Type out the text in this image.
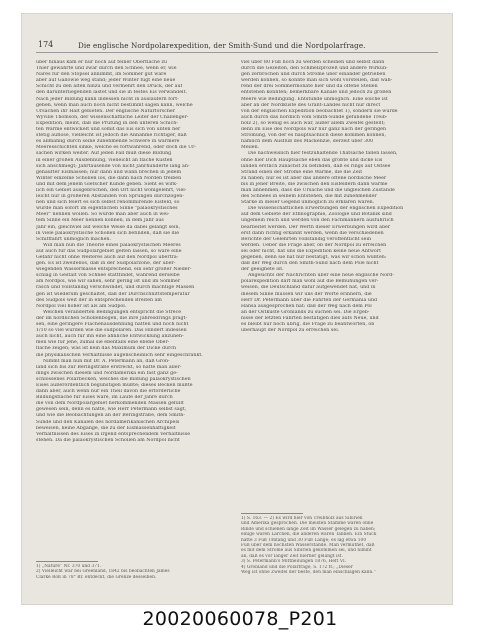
174	Die englische Nordpolarexpedition, der Smith-Sund und die Nordpolarfrage.
über hinaus kam er nur noch auf feiner Oberfläche zu
Thier gewahrte und zwar durch den Schnee, wenn er, wie
Nares für den Stöpsel annimmt, im Sommer gut wäre
aber auf Gallowie weg stand; jeder Winter fügt eine neue
Schicht zu den alten hinzu und vermehrt den Druck, der auf
den darunterliegenden lastet und sie in festes Eis verwandelt.
Nach jeder Bildung kann indessen nicht in ausläufern fort-
gehen, wenn man auch noch nicht bestimmt sagen kann, welche
Ursachen ihr Halt gebieten. Der englische Naturforscher
Wyville Thomson, der wissenschaftliche Leiter der Challenger-
Expedition, meint, daß die Prüfung in den unteren Schich-
ten Wärme entwickelt und somit das Eis sich von unten her
stetig auflöse, vielleicht ist jedoch die Annahme richtiger, daß
es allmählig durch seine zunehmende Schwere in wärmere
Meeresschichten sinke, welche es fortwährend, oder doch die Ur-
sachen wirken weiter. Auf jeden Fall muß diese Bildung
in einer großen Ausdehnung, vielleicht an flache Küsten
sich anschmiegt; Jahrtausende von nicht Jahrhunderte lang an-
gehäufter Eismassen; nur dann und wann brechen in jedem
Winter einzelne Schollen los, die dann nach Norden treiben
und mit dem jenem Gletscher Kunde geben. Sieht es wirk-
lich ein Gebiet ausgebrochen, den Ort nicht wohlgelehrt, viel-
leicht nur in größeren Abständen von Sprüngen durchzogen-
nen und sich feiert es sich selbst renommirende Eisfeld, so
würde man sofort im eigentlichen Sinne "paläokrystisches
Meer" nennen wollen. So würde man aber auch in wei-
tem Sinne ein Meer nennen können, in dem Jahr aus
Jahr ein, gleichviel auf welche Weise da dabei gelangt sein,
in viele paläokrystische Schollen sich befinden, daß sie die
Schifffahrt unmöglich machen.
Will man nun die Theorie eines paläokrystischen Meeres
auf auch für das Südpolargebiet gelten lassen, so wäre eine
Gefahr nicht ohne Weiteres auch auf den Nordpol übertra-
gen. Es ist zweifellos, daß in der Südpolarzone, der über-
wiegenden Wassermasse entsprechend, ein sehr großer Nieder-
schlag in Gestalt von Schnee stattfindet, während derselbe
am Nordpol, wie wir sahen, sehr gering ist und im Sommer
rasch und vollständig verschwindet, und durch mächtige Massen
gen ist wiederum geschaltet, daß der Durchschnittstemperatur
des Südpols weit der in entsprechenden Breiten am
Nordpol viel höher ist als am Südpol.
Welchen veränderten Bedingungen entspricht die Strece
der im nördlichen Schollenbogen, die ihre Jahresdrings prägt-
sen, eine geringere Flächenausdehnung hatten und noch nicht
1/10 so viel wurden wie die südpolaren. Das Hindert indessen
auch nicht, auch für ihn eine ähnliche Entwicklung anzuneh-
men wie für jene, zumal sie ebenfalls eine ebene Ober-
fläche zeigen; was ist kein das Maximum der Dicke durch
die physikalischen Verhältnisse augenscheinlich sehr eingeschränkt.
Nimmt man nun mit Dr. A. Petermann an, daß Grön-
land sich bis zur Beringstraße erstreckt, so hätte man aller-
dings zwischen diesem und Nordamerika ein fast ganz ge-
schlossenes Polarbecken, welches die Bildung paläokrystischen
Eises außerordentlich begünstigen müßte; dieses Becken müßte
dann aber, auch wenn nur ein Theil davon die erforderliche
Bildungsfläche für Eises wäre, im Laufe der Jahre durch
die von dem Nordpolargebiet herkommenden Massen gefüllt
gewesen sein, denn es hätte, wie Herr Petermann selbst sagt,
und wie die Beobachtungen an der Beringstraße, dem Smith-
Sunde und den Kanälen des nordamerikanischen Archipels
beweisen, keine Abgänge, die zu der Eismassenhaftigkeit
Verhältnissen des Eises in irgend entsprechendem Verhältnisse
stehen. Da die paläokrystischen Schollen am Nordpol nicht
1) „Nature“ Nr. 370 und 371.
2) Vielleicht war bei Greenland, 1842 bis beobachten James
Clarke Roß in 78° Br. entdeckt, die Grenze desselben.
viel über 80 Fuß hoch zu werden scheinen und selbst dann
durch die Gezeiten, den Schmelzprozeß und andere Wirkun-
gen zerbrochen und durch Ströme über einander getrieben
werden können, so könnte man sich wohl vorstellen, daß wäh-
rend der drei Sommermonate hier und da offene Stellen
entstehen könnten; bemerkbare Kanäle und jedoch zu größen
Meere wie Bedingung. Entstünde unmöglich. Eine solche ist
aber an der Nordküste des Grant-Landes nicht nur direct
von der englischen Expedition beobachtet 1), sondern sie wurde
auch durch das nördlich vom Smith-Sunde gefundene Treib-
holz 2), so wenig es auch war, außer allem Zweifel gestellt;
denn im Eise des Nordpols war nur ganz nach der geringen
Strömung, von der es hauptsächlich diese kommen können,
nämlich dem Ausfluß des Mackenzie, derzeit über 300
Meilen.
Die nachweislich hier festzuhaltende Thatsache fallen lassen,
ohne hier Dich Hauptsache eben das größte und dicke Eis
landen erstlich zunächst zu befinden, daß es rings auf Ostsee
Strand einen der Ströme eine Wärme, die die Zeit
zu haben; nur es ist aber das andere offene nordische Meer
bis in jener Breite, die zwischen den Eisfeldern dann wärme
man annehmen, dass die Ursache und die ungleichen Zustände
des Schnees in seinem Entstehen, die mit zunehmender
Stärke in dieser Gegend unmöglich zu erklären wären.
Die wissenschaftlichen Erwerbungen der englischen Expedition
auf dem Gebiete der Ethnographie, Zoologie und Botanik sind
ungemein reich und werden von den Fachmännern ausführlich
bearbeitet werden. Der Werth dieser Erwerbungen wird aber
erst dann richtig erkannt werden, wenn die verschiedenen
Berichte der Gelehrten vollständig veröffentlicht sein
werden. Ueber die Frage aber, ob der Nordpol zu erreichen
sei oder nicht, hat uns die Expedition keine neue Antwort
gegeben, denn sie hat nur bestätigt, was wir schon wußten:
daß der Weg durch den Smith-Sund nach dem Pole nicht
der geeignete ist.
Angesichts der Nachrichten über eine neue englische Nord-
polarexpedition darf man wohl auf die Bemühungen ver-
weisen, die Deutschland dafür aufgewendet hat, und in
diesem Sinne müssen wir uns der Worte erinnern, die
Herr Dr. Petermann über die Fahrten der Germania und
Hansa ausgesprochen hat: daß der Weg nach dem Pol
an der Ostküste Grönlands zu suchen sei. Die Ergeb-
nisse der letzten Fahrten bestätigen dies aufs Neue, und
es bleibt nur noch übrig, die Frage zu beantworten, ob
überhaupt der Nordpol zu erreichen sei.
1) S. 163. — 2) Es wird hier von Treibholz aus Sibirien
und Amerika gesprochen. Die meisten Stämme waren ohne
Rinde und schienen lange Zeit im Wasser gelegen zu haben;
einige waren Lärchen, die anderen waren Tannen. Ein Stück
hatte 3 Fuß Umfang und 30 Fuß Länge; es lag etwa 100
Fuß über dem höchsten Wasserstande. Man vermuthet, daß
es mit dem Strome aus Sibirien gekommen sei, und nimmt
an, daß es vor langer Zeit hierher gelangt ist.
3) S. Petermann's Mittheilungen 1876, Heft VI.
4) Grönland und die Polarfrage, S. 172 ff.; „Dieser
Weg ist ohne Zweifel der beste, den man einschlagen kann.“
20020060078_P201
